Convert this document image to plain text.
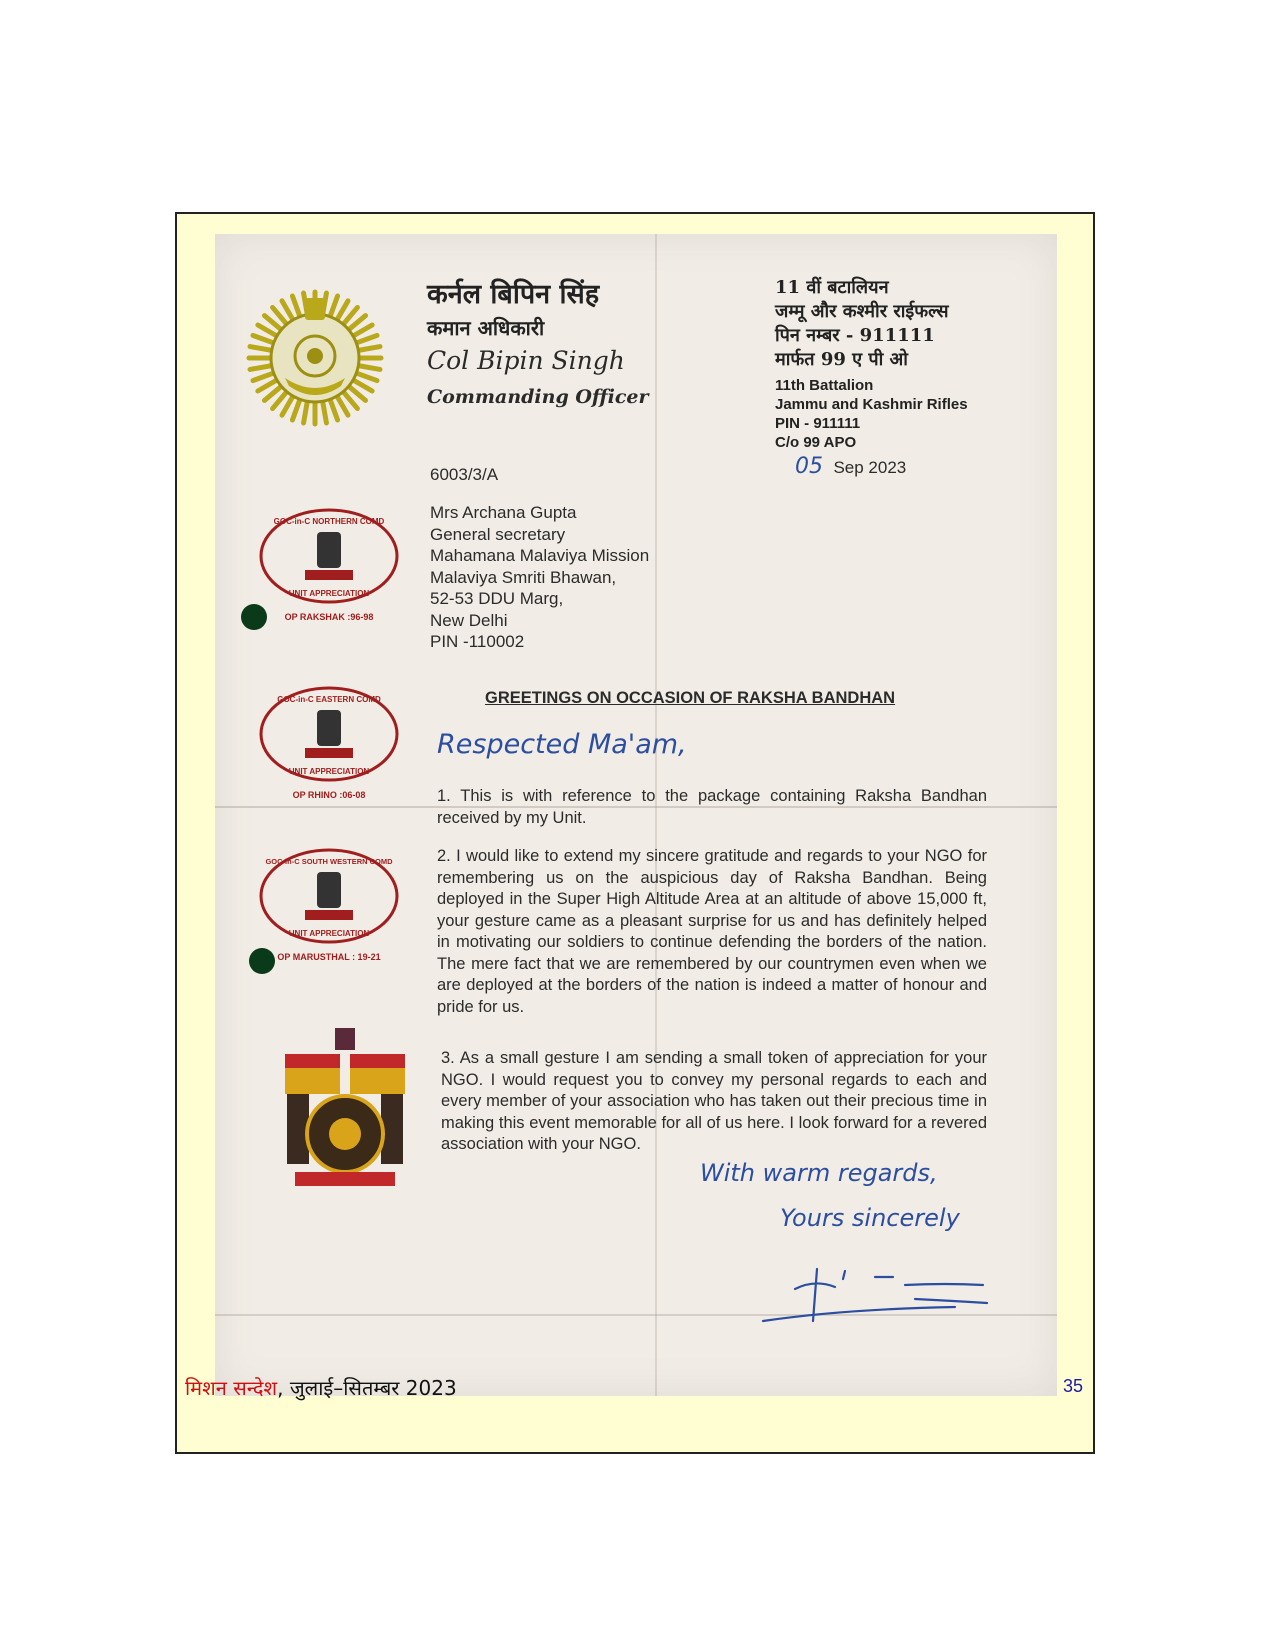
कर्नल बिपिन सिंह
कमान अधिकारी
Col Bipin Singh
Commanding Officer
11 वीं बटालियन
जम्मू और कश्मीर राईफल्स
पिन नम्बर - 911111
मार्फत 99 ए पी ओ
11th Battalion
Jammu and Kashmir Rifles
PIN - 911111
C/o 99 APO
6003/3/A	05 Sep 2023
Mrs Archana Gupta
General secretary
Mahamana Malaviya Mission
Malaviya Smriti Bhawan,
52-53 DDU Marg,
New Delhi
PIN -110002
GREETINGS ON OCCASION OF RAKSHA BANDHAN
Respected Ma'am,
1. This is with reference to the package containing Raksha Bandhan received by my Unit.
2. I would like to extend my sincere gratitude and regards to your NGO for remembering us on the auspicious day of Raksha Bandhan. Being deployed in the Super High Altitude Area at an altitude of above 15,000 ft, your gesture came as a pleasant surprise for us and has definitely helped in motivating our soldiers to continue defending the borders of the nation. The mere fact that we are remembered by our countrymen even when we are deployed at the borders of the nation is indeed a matter of honour and pride for us.
3. As a small gesture I am sending a small token of appreciation for your NGO. I would request you to convey my personal regards to each and every member of your association who has taken out their precious time in making this event memorable for all of us here. I look forward for a revered association with your NGO.
With warm regards,
Yours sincerely
GOC-in-C NORTHERN COMD
UNIT APPRECIATION
OP RAKSHAK :96-98
GOC-in-C EASTERN COMD
UNIT APPRECIATION
OP RHINO :06-08
GOC-in-C SOUTH WESTERN COMD
UNIT APPRECIATION
OP MARUSTHAL : 19-21
मिशन सन्देश, जुलाई–सितम्बर 2023	35
